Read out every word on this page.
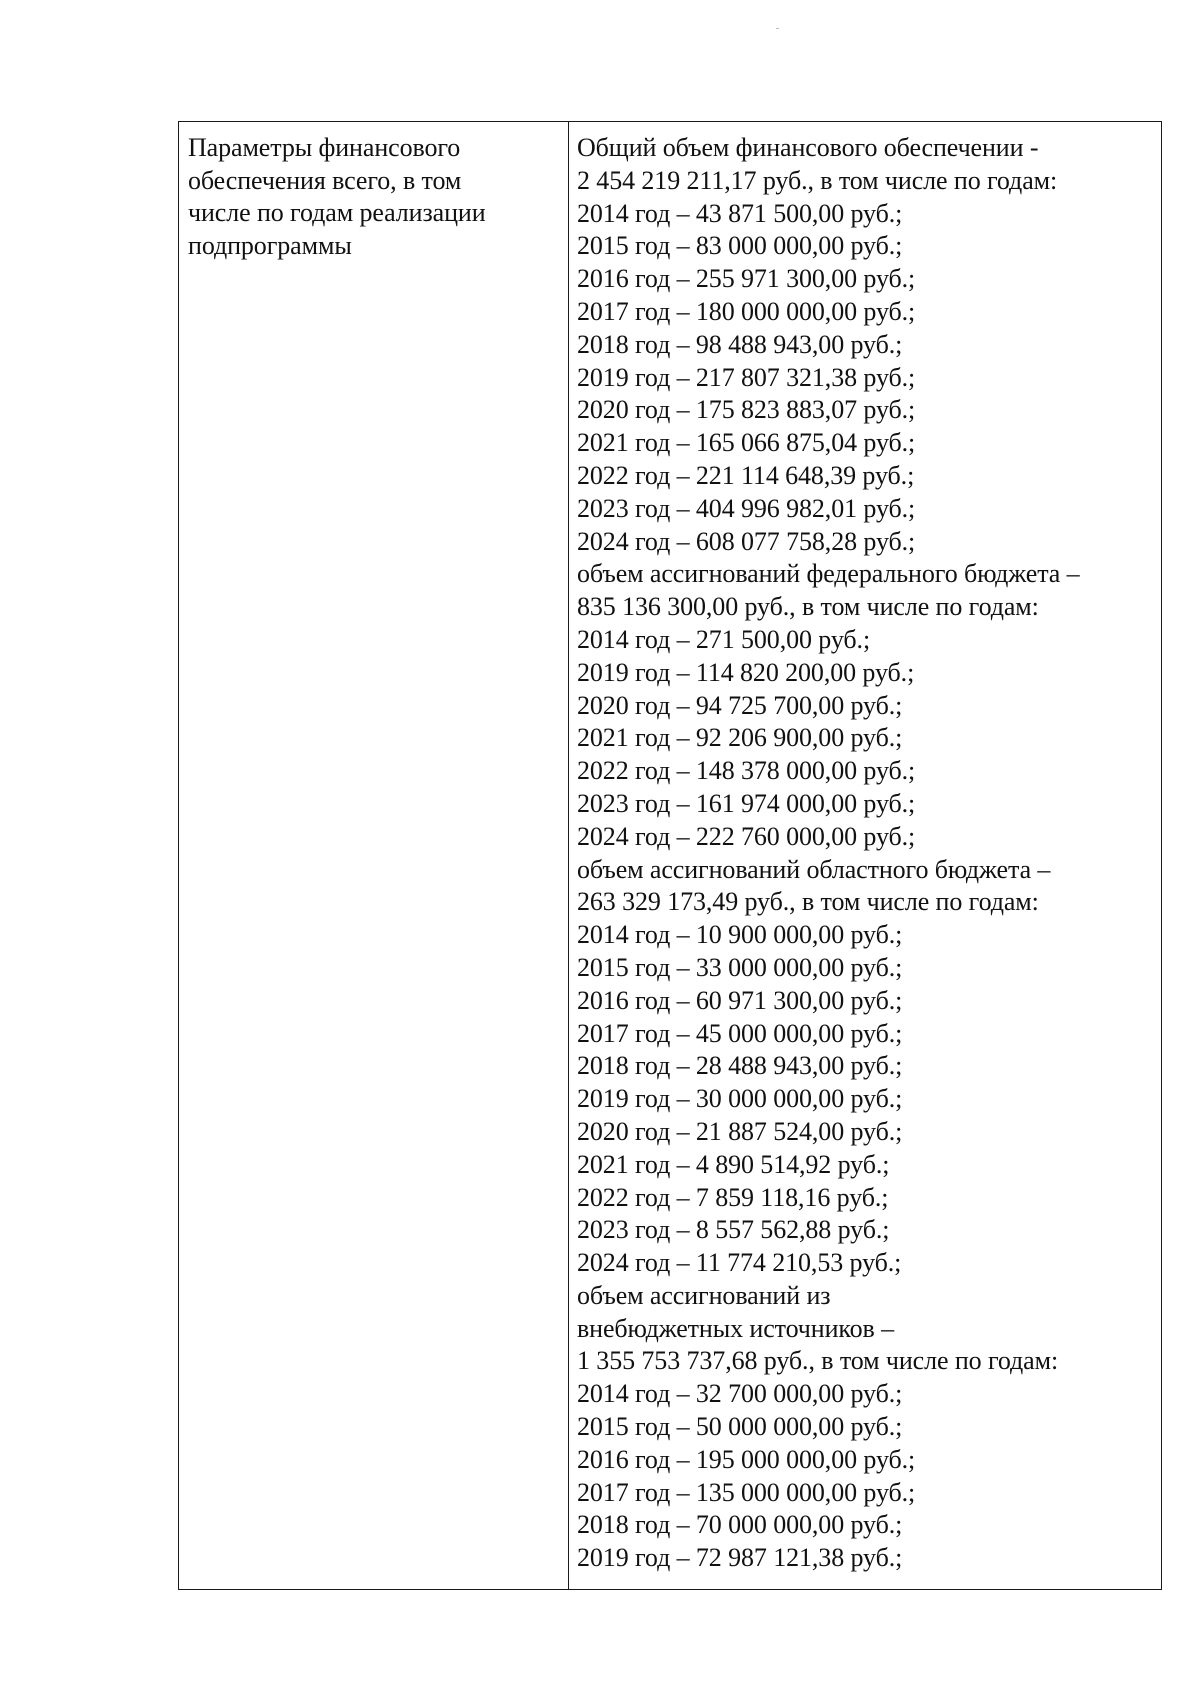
Параметры финансового
обеспечения всего, в том
числе по годам реализации
подпрограммы
Общий объем финансового обеспечении -
2 454 219 211,17 руб., в том числе по годам:
2014 год – 43 871 500,00 руб.;
2015 год – 83 000 000,00 руб.;
2016 год – 255 971 300,00 руб.;
2017 год – 180 000 000,00 руб.;
2018 год – 98 488 943,00 руб.;
2019 год – 217 807 321,38 руб.;
2020 год – 175 823 883,07 руб.;
2021 год – 165 066 875,04 руб.;
2022 год – 221 114 648,39 руб.;
2023 год – 404 996 982,01 руб.;
2024 год – 608 077 758,28 руб.;
объем ассигнований федерального бюджета –
835 136 300,00 руб., в том числе по годам:
2014 год – 271 500,00 руб.;
2019 год – 114 820 200,00 руб.;
2020 год – 94 725 700,00 руб.;
2021 год – 92 206 900,00 руб.;
2022 год – 148 378 000,00 руб.;
2023 год – 161 974 000,00 руб.;
2024 год – 222 760 000,00 руб.;
объем ассигнований областного бюджета –
263 329 173,49 руб., в том числе по годам:
2014 год – 10 900 000,00 руб.;
2015 год – 33 000 000,00 руб.;
2016 год – 60 971 300,00 руб.;
2017 год – 45 000 000,00 руб.;
2018 год – 28 488 943,00 руб.;
2019 год – 30 000 000,00 руб.;
2020 год – 21 887 524,00 руб.;
2021 год – 4 890 514,92 руб.;
2022 год – 7 859 118,16 руб.;
2023 год – 8 557 562,88 руб.;
2024 год – 11 774 210,53 руб.;
объем ассигнований из
внебюджетных источников –
1 355 753 737,68 руб., в том числе по годам:
2014 год – 32 700 000,00 руб.;
2015 год – 50 000 000,00 руб.;
2016 год – 195 000 000,00 руб.;
2017 год – 135 000 000,00 руб.;
2018 год – 70 000 000,00 руб.;
2019 год – 72 987 121,38 руб.;
